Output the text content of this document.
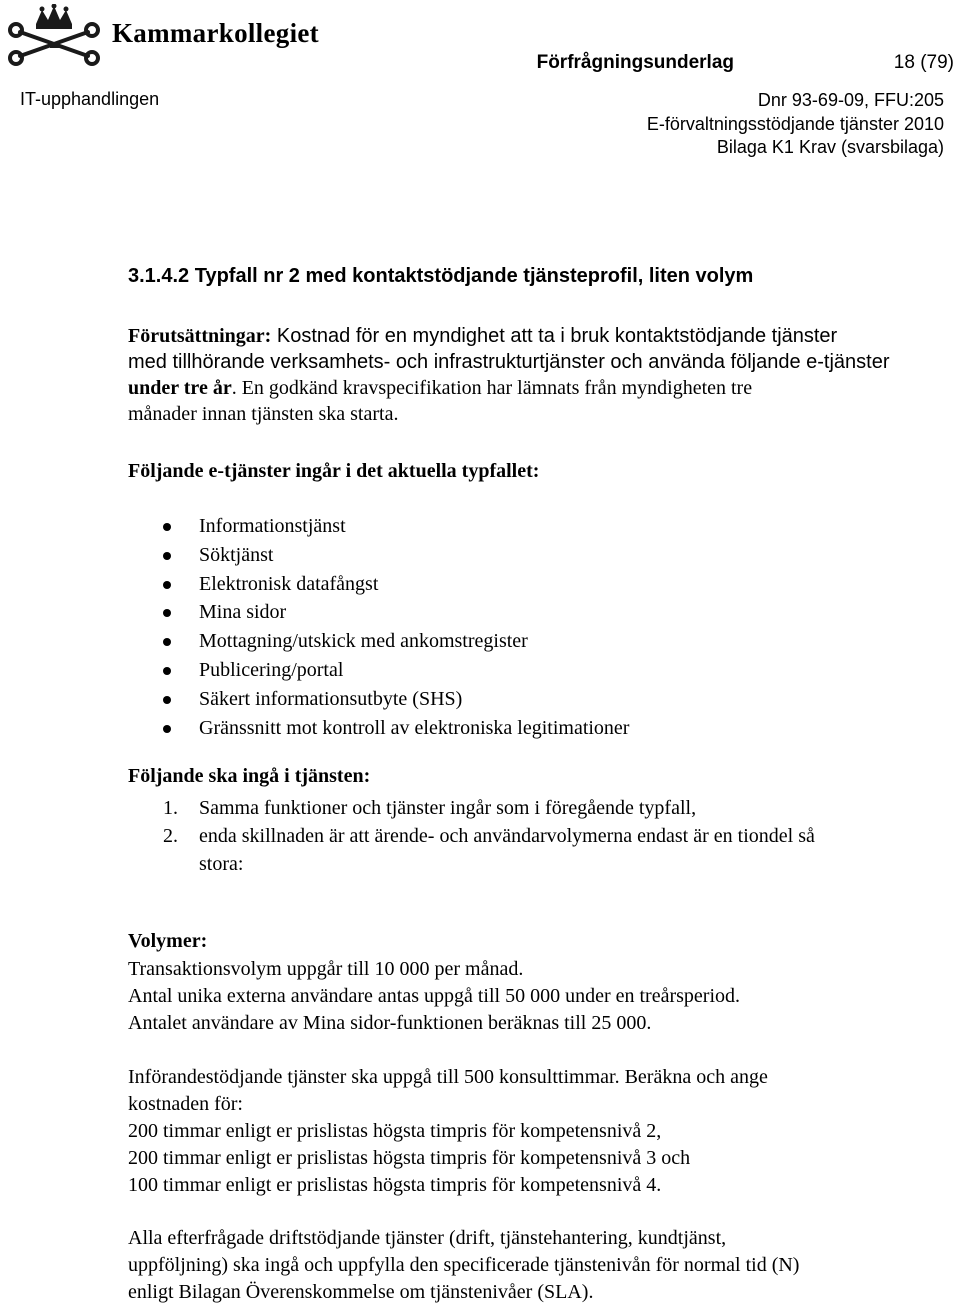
Kammarkollegiet
Förfrågningsunderlag	18 (79)
IT-upphandlingen	Dnr 93-69-09, FFU:205
E-förvaltningsstödjande tjänster 2010
Bilaga K1 Krav (svarsbilaga)
3.1.4.2 Typfall nr 2 med kontaktstödjande tjänsteprofil, liten volym

Förutsättningar: Kostnad för en myndighet att ta i bruk kontaktstödjande tjänster

med tillhörande verksamhets- och infrastrukturtjänster och använda följande e-tjänster

under tre år. En godkänd kravspecifikation har lämnats från myndigheten tre

månader innan tjänsten ska starta.

Följande e-tjänster ingår i det aktuella typfallet:
Informationstjänst
Söktjänst
Elektronisk datafångst
Mina sidor
Mottagning/utskick med ankomstregister
Publicering/portal
Säkert informationsutbyte (SHS)
Gränssnitt mot kontroll av elektroniska legitimationer
Följande ska ingå i tjänsten:
1. Samma funktioner och tjänster ingår som i föregående typfall,
2. enda skillnaden är att ärende- och användarvolymerna endast är en tiondel så
stora:
Volymer:

Transaktionsvolym uppgår till 10 000 per månad.

Antal unika externa användare antas uppgå till 50 000 under en treårsperiod.

Antalet användare av Mina sidor-funktionen beräknas till 25 000.

Införandestödjande tjänster ska uppgå till 500 konsulttimmar. Beräkna och ange

kostnaden för:

200 timmar enligt er prislistas högsta timpris för kompetensnivå 2,

200 timmar enligt er prislistas högsta timpris för kompetensnivå 3 och

100 timmar enligt er prislistas högsta timpris för kompetensnivå 4.

Alla efterfrågade driftstödjande tjänster (drift, tjänstehantering, kundtjänst,

uppföljning) ska ingå och uppfylla den specificerade tjänstenivån för normal tid (N)

enligt Bilagan Överenskommelse om tjänstenivåer (SLA).
